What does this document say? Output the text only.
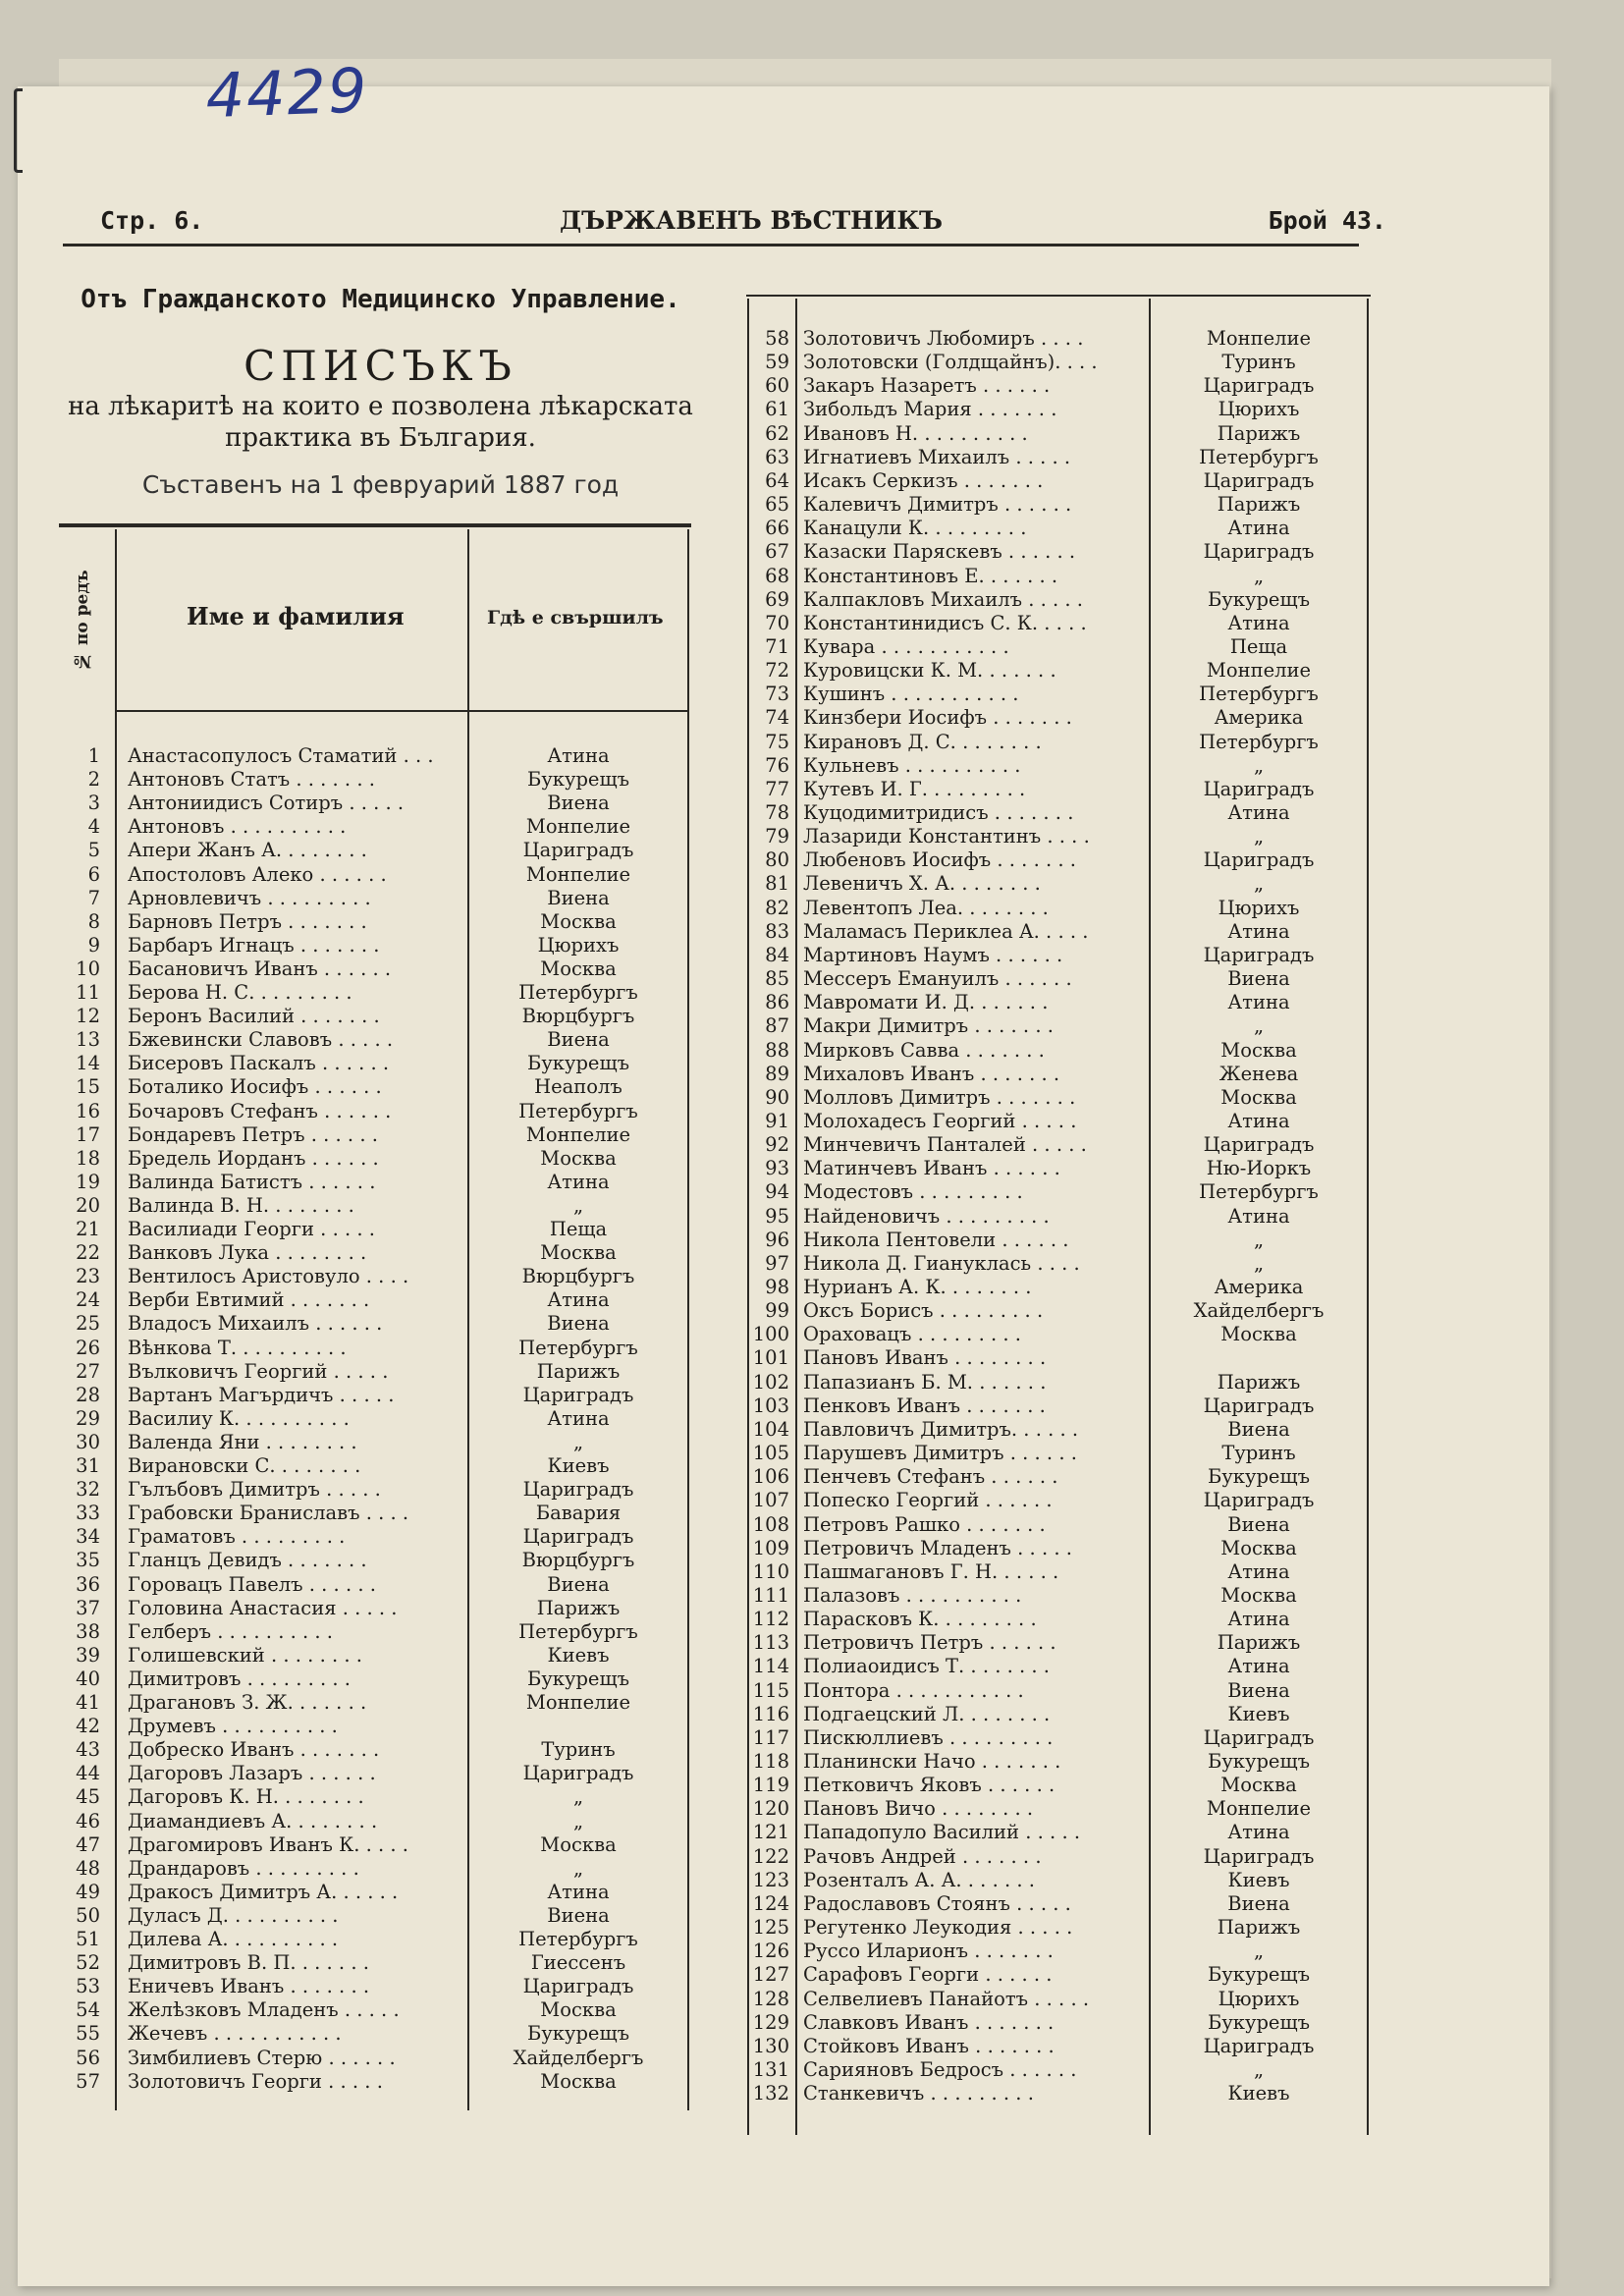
4429
Стр. 6.	ДЪРЖАВЕНЪ ВѢСТНИКЪ	Брой 43.
Отъ Гражданското Медицинско Управление.
СПИСЪКЪ
на лѣкаритѣ на които е позволена лѣкарската
практика въ България.
Съставенъ на 1 февруарий 1887 год
№ по редъ	Име и фамилия	Гдѣ е свършилъ
1 Анастасопулосъ Стаматий . . .	Атина
2 Антоновъ Статъ . . . . . . .	Букурещъ
3 Антониидисъ Сотиръ . . . . .	Виена
4 Антоновъ . . . . . . . . . .	Монпелие
5 Апери Жанъ А. . . . . . . .	Цариградъ
6 Апостоловъ Алеко . . . . . .	Монпелие
7 Арновлевичъ . . . . . . . . .	Виена
8 Барновъ Петръ . . . . . . .	Москва
9 Барбаръ Игнацъ . . . . . . .	Цюрихъ
10 Басановичъ Иванъ . . . . . .	Москва
11 Берова Н. С. . . . . . . . .	Петербургъ
12 Беронъ Василий . . . . . . .	Вюрцбургъ
13 Бжевински Славовъ . . . . .	Виена
14 Бисеровъ Паскалъ . . . . . .	Букурещъ
15 Боталико Иосифъ . . . . . .	Неаполъ
16 Бочаровъ Стефанъ . . . . . .	Петербургъ
17 Бондаревъ Петръ . . . . . .	Монпелие
18 Бредель Иорданъ . . . . . .	Москва
19 Валинда Батистъ . . . . . .	Атина
20 Валинда В. Н. . . . . . . .	„
21 Василиади Георги . . . . .	Пеща
22 Ванковъ Лука . . . . . . . .	Москва
23 Вентилосъ Аристовуло . . . .	Вюрцбургъ
24 Верби Евтимий . . . . . . .	Атина
25 Владосъ Михаилъ . . . . . .	Виена
26 Вѣнкова Т. . . . . . . . . .	Петербургъ
27 Вълковичъ Георгий . . . . .	Парижъ
28 Вартанъ Магърдичъ . . . . .	Цариградъ
29 Василиу К. . . . . . . . . .	Атина
30 Валенда Яни . . . . . . . .	„
31 Вирановски С. . . . . . . .	Киевъ
32 Гълъбовъ Димитръ . . . . .	Цариградъ
33 Грабовски Браниславъ . . . .	Бавария
34 Граматовъ . . . . . . . . .	Цариградъ
35 Гланцъ Девидъ . . . . . . .	Вюрцбургъ
36 Горовацъ Павелъ . . . . . .	Виена
37 Головина Анастасия . . . . .	Парижъ
38 Гелберъ . . . . . . . . . .	Петербургъ
39 Голишевский . . . . . . . .	Киевъ
40 Димитровъ . . . . . . . . .	Букурещъ
41 Драгановъ З. Ж. . . . . . .	Монпелие
42 Друмевъ . . . . . . . . . .
43 Добреско Иванъ . . . . . . .	Туринъ
44 Дагоровъ Лазаръ . . . . . .	Цариградъ
45 Дагоровъ К. Н. . . . . . . .	„
46 Диамандиевъ А. . . . . . . .	„
47 Драгомировъ Иванъ К. . . . .	Москва
48 Драндаровъ . . . . . . . . .	„
49 Дракосъ Димитръ А. . . . . .	Атина
50 Дуласъ Д. . . . . . . . . .	Виена
51 Дилева А. . . . . . . . . .	Петербургъ
52 Димитровъ В. П. . . . . . .	Гиессенъ
53 Еничевъ Иванъ . . . . . . .	Цариградъ
54 Желѣзковъ Младенъ . . . . .	Москва
55 Жечевъ . . . . . . . . . . .	Букурещъ
56 Зимбилиевъ Стерю . . . . . .	Хайделбергъ
57 Золотовичъ Георги . . . . .	Москва
58 Золотовичъ Любомиръ . . . .	Монпелие
59 Золотовски (Голдщайнъ). . . .	Туринъ
60 Закаръ Назаретъ . . . . . .	Цариградъ
61 Зибольдъ Мария . . . . . . .	Цюрихъ
62 Ивановъ Н. . . . . . . . . .	Парижъ
63 Игнатиевъ Михаилъ . . . . .	Петербургъ
64 Исакъ Серкизъ . . . . . . .	Цариградъ
65 Калевичъ Димитръ . . . . . .	Парижъ
66 Канацули К. . . . . . . . .	Атина
67 Казаски Паряскевъ . . . . . .	Цариградъ
68 Константиновъ Е. . . . . . .	„
69 Калпакловъ Михаилъ . . . . .	Букурещъ
70 Константинидисъ С. К. . . . .	Атина
71 Кувара . . . . . . . . . . .	Пеща
72 Куровицски К. М. . . . . . .	Монпелие
73 Кушинъ . . . . . . . . . . .	Петербургъ
74 Кинзбери Иосифъ . . . . . . .	Америка
75 Кирановъ Д. С. . . . . . . .	Петербургъ
76 Кульневъ . . . . . . . . . .	„
77 Кутевъ И. Г. . . . . . . . .	Цариградъ
78 Куцодимитридисъ . . . . . . .	Атина
79 Лазариди Константинъ . . . .	„
80 Любеновъ Иосифъ . . . . . . .	Цариградъ
81 Левеничъ Х. А. . . . . . . .	„
82 Левентопъ Леа. . . . . . . .	Цюрихъ
83 Маламасъ Периклеа А. . . . .	Атина
84 Мартиновъ Наумъ . . . . . .	Цариградъ
85 Мессеръ Емануилъ . . . . . .	Виена
86 Мавромати И. Д. . . . . . .	Атина
87 Макри Димитръ . . . . . . .	„
88 Мирковъ Савва . . . . . . .	Москва
89 Михаловъ Иванъ . . . . . . .	Женева
90 Молловъ Димитръ . . . . . . .	Москва
91 Молохадесъ Георгий . . . . .	Атина
92 Минчевичъ Панталей . . . . .	Цариградъ
93 Матинчевъ Иванъ . . . . . .	Ню-Иоркъ
94 Модестовъ . . . . . . . . .	Петербургъ
95 Найденовичъ . . . . . . . . .	Атина
96 Никола Пентовели . . . . . .	„
97 Никола Д. Гиануклась . . . .	„
98 Нурианъ А. К. . . . . . . .	Америка
99 Оксъ Борисъ . . . . . . . . .	Хайделбергъ
100 Ораховацъ . . . . . . . . .	Москва
101 Пановъ Иванъ . . . . . . . .
102 Папазианъ Б. М. . . . . . .	Парижъ
103 Пенковъ Иванъ . . . . . . .	Цариградъ
104 Павловичъ Димитръ. . . . . .	Виена
105 Парушевъ Димитръ . . . . . .	Туринъ
106 Пенчевъ Стефанъ . . . . . .	Букурещъ
107 Попеско Георгий . . . . . .	Цариградъ
108 Петровъ Рашко . . . . . . .	Виена
109 Петровичъ Младенъ . . . . .	Москва
110 Пашмагановъ Г. Н. . . . . .	Атина
111 Палазовъ . . . . . . . . . .	Москва
112 Парасковъ К. . . . . . . . .	Атина
113 Петровичъ Петръ . . . . . .	Парижъ
114 Полиаоидисъ Т. . . . . . . .	Атина
115 Понтора . . . . . . . . . . .	Виена
116 Подгаецский Л. . . . . . . .	Киевъ
117 Пискюллиевъ . . . . . . . . .	Цариградъ
118 Планински Начо . . . . . . .	Букурещъ
119 Петковичъ Яковъ . . . . . .	Москва
120 Пановъ Вичо . . . . . . . .	Монпелие
121 Пападопуло Василий . . . . .	Атина
122 Рачовъ Андрей . . . . . . .	Цариградъ
123 Розенталъ А. А. . . . . . .	Киевъ
124 Радославовъ Стоянъ . . . . .	Виена
125 Регутенко Леукодия . . . . .	Парижъ
126 Руссо Иларионъ . . . . . . .	„
127 Сарафовъ Георги . . . . . .	Букурещъ
128 Селвелиевъ Панайотъ . . . . .	Цюрихъ
129 Славковъ Иванъ . . . . . . .	Букурещъ
130 Стойковъ Иванъ . . . . . . .	Цариградъ
131 Сарияновъ Бедросъ . . . . . .	„
132 Станкевичъ . . . . . . . . .	Киевъ
